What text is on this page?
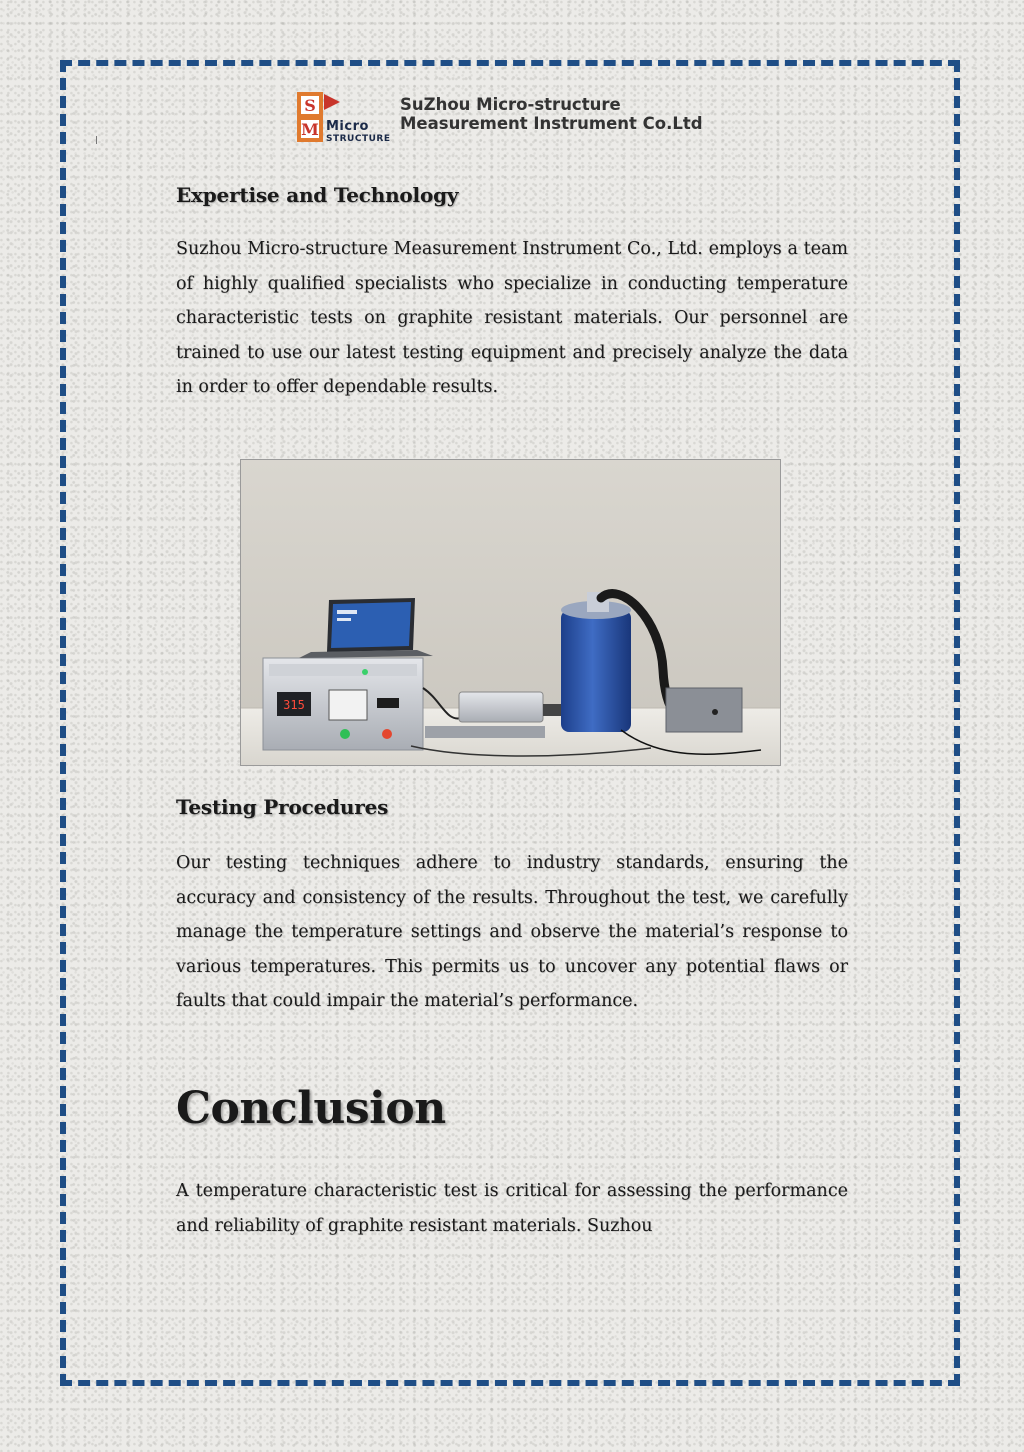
S
M Micro
STRUCTURE
SuZhou Micro-structure
Measurement Instrument Co.Ltd
Expertise and Technology

Suzhou Micro-structure Measurement Instrument Co., Ltd. employs a team of highly qualified specialists who specialize in conducting temperature characteristic tests on graphite resistant materials. Our personnel are trained to use our latest testing equipment and precisely analyze the data in order to offer dependable results.

315
Testing Procedures

Our testing techniques adhere to industry standards, ensuring the accuracy and consistency of the results. Throughout the test, we carefully manage the temperature settings and observe the material’s response to various temperatures. This permits us to uncover any potential flaws or faults that could impair the material’s performance.

Conclusion

A temperature characteristic test is critical for assessing the performance and reliability of graphite resistant materials. Suzhou
